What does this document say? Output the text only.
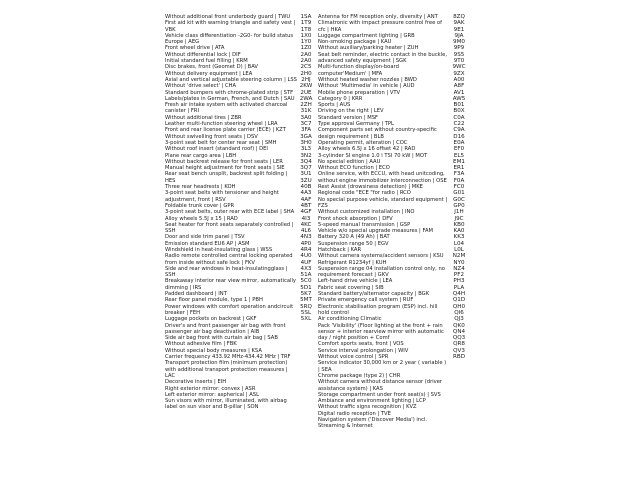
Without additional front underbody guard | TWU
First aid kit with warning triangle and safety vest | VBK
Vehicle class differentiation -2G0- for build status Europe | AEG
Front wheel drive | ATA
Without differential lock | DIF
Initial standard fuel filling | KRM
Disc brakes, front (Geomet D) | BAV
Without delivery equipment | LEA
Axial and vertical adjustable steering column | LSS
Without 'drive select' | CHA
Standard bumpers with chrome-plated strip | STF
Labels/plates in German, French, and Dutch | SAU
Fresh air intake system with activated charcoal canister | FRI
Without additional tires | ZBR
Leather multi-function steering wheel | LRA
Front and rear license plate carrier (ECE) | KZT
Without swivelling front seats | DSV
3-point seat belt for center rear seat | SMH
Without roof insert (standard roof) | DEI
Plane rear cargo area | LBH
Without backrest release for front seats | LER
Manual height adjustment for front seats | SIE
Rear seat bench unsplit, backrest split folding | HES
Three rear headrests | KOH
3-point seat belts with tensioner and height adjustment, front | RSV
Foldable trunk cover | GPR
3-point seat belts, outer rear with ECE label | SHA
Alloy wheels 5.5J x 15 | RAD
Seat heater for front seats separately controlled | SSH
Door and side trim panel | TSV
Emission standard EU6 AP | ASM
Windshield in heat-insulating glass | WSS
Radio remote controlled central locking operated from inside without safe lock | FKV
Side and rear windows in heat-insulatingglass | SSH
Breakaway interior rear view mirror, automatically dimming | IRS
Padded dashboard | INT
Rear floor panel module, type 1 | PBH
Power windows with comfort operation andcircuit breaker | FEH
Luggage pockets on backrest | GKF
Driver's and front passenger air bag with front passenger air bag deactivation | AIB
Side air bag front with curtain air bag | SAB
Without adhesive film | FBK
Without special body measures | KSA
Carrier frequency 433.92 MHz-434.42 MHz | TRF
Transport protection film (minimum protection) with additional transport protection measures | LAC
Decorative inserts | EIH
Right exterior mirror: convex | ASR
Left exterior mirror: aspherical | ASL
Sun visors with mirror, illuminated, with airbag label on sun visor and B-pillar | SON
1SA
1T9
1T8
1X0
1Y0
1Z0
2A0
2A0
2C5
2H0
2HJ
2KW
2UE
2WA
2ZH
31K
3A0
3C7
3FA
3GA
3H0
3L3
3N2
3Q4
3Q7
3U1
3ZU
40B
4A3
4AF
4BT
4GF
4I3
4KC
4L6
4N3
4P0
4R4
4U0
4UF
4X3
51A
5C0
5D1
5K7
5MT
5RQ
5SL
5XL
Antenna for FM reception only, diversity | ANT
Climatronic with impact pressure control free of cfc | HKA
Luggage compartment lighting | GRB
Non-smoking package | KAU
Without auxiliary/parking heater | ZUH
Seat belt reminder, electric contact in the buckle, advanced safety equipment | SGK
Multi-function display/on-board computer'Medium' | MFA
Without heated washer nozzles | BWD
Without 'Multimedia' in vehicle | AUD
Mobile phone preparation | VTV
Category 0 | KRR
Sports | AUS
Driving on the right | LEV
Standard version | MSF
Type approval Germany | TPL
Component parts set without country-specific design requirement | BLB
Operating permit, alteration | COC
Alloy wheels 6.5J x 16 offset 42 | RAD
3-cylinder SI engine 1.0 l TSI 70 kW | MOT
No special edition | AAU
Without ECO function | ECO
Online service, with ECCU, with head unitcoding, without engine immobilizer interconnection | OSE
Rest Assist (drowsiness detection) | MKE
Regional code "ECE "for radio | RCO
No special purpose vehicle, standard equipment | FZS
Without customized installation | INO
Front shock absorption | DFV
5-speed manual transmission | GSP
Vehicle w/o special upgrade measures | FAM
Battery 320 A (49 Ah) | BAT
Suspension range 50 | EGV
Hatchback | KAR
Without camera systems/accident sensors | KSU
Refrigerant R1234yf | KUH
Suspension range 04 installation control only, no requirement forecast | GKV
Left-hand drive vehicle | LEA
Fabric seat covering | SIB
Standard battery/alternator capacity | BGK
Private emergency call system | RUF
Electronic stabilisation program (ESP) incl. hill hold control
Air conditioning Climatic
Pack 'Visibility' (Floor lighting at the front + rain sensor + interior rearview mirror with automatic day / night position + Comf
Comfort sports seats, front | VOS
Service interval prolongation | WIV
Without voice control | SPR
Service indicator 30,000 km or 2 year ( variable ) | SEA
Chrome package (type 2) | CHR
Without camera without distance sensor (driver assistance system) | KAS
Storage compartment under front seat(s) | SVS
Ambiance and environment lighting | LCP
Without traffic signs recognition | KVZ
Digital radio reception | TVE
Navigation system ('Discover Media') incl. Streaming & Internet
8ZQ
9AK
9E1
9JA
9M0
9P9
9S5
9T0
9WC
9ZX
A00
A8F
AV1
AW5
B01
B0X
C0A
C22
C9A
D16
E0A
EF0
EL5
EM1
ER1
F3A
F0A
FC0
G01
G0C
GP0
J1H
J9C
KB0
KA0
KK3
L04
L0L
N2M
NY0
NZ4
PF2
PH3
PLA
Q4H
Q1D
QH0
QI6
QJ3
QK0
QN4
QQ3
QR8
QV3
RBD
